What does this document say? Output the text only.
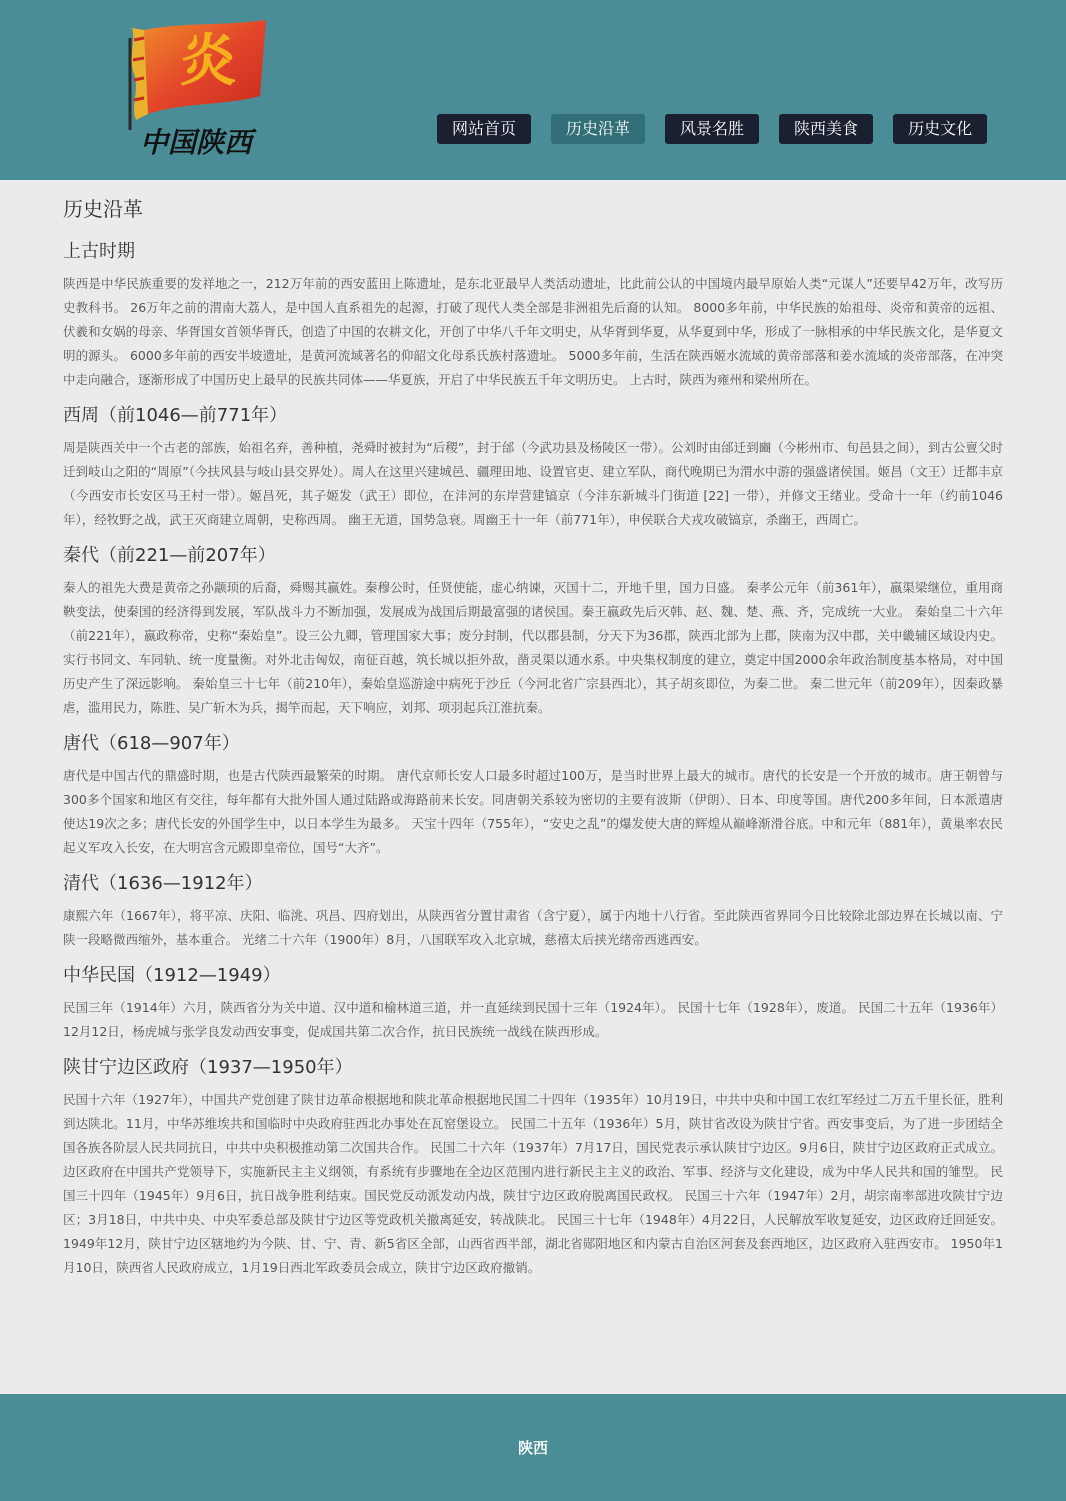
炎
中国陕西	网站首页	历史沿革	风景名胜	陕西美食	历史文化
历史沿革
上古时期

陕西是中华民族重要的发祥地之一，212万年前的西安蓝田上陈遗址，是东北亚最早人类活动遗址，比此前公认的中国境内最早原始人类“元谋人”还要早42万年，改写历史教科书。 26万年之前的渭南大荔人，是中国人直系祖先的起源，打破了现代人类全部是非洲祖先后裔的认知。 8000多年前，中华民族的始祖母、炎帝和黄帝的远祖、伏羲和女娲的母亲、华胥国女首领华胥氏，创造了中国的农耕文化，开创了中华八千年文明史，从华胥到华夏，从华夏到中华，形成了一脉相承的中华民族文化，是华夏文明的源头。 6000多年前的西安半坡遗址，是黄河流域著名的仰韶文化母系氏族村落遗址。 5000多年前，生活在陕西姬水流域的黄帝部落和姜水流域的炎帝部落，在冲突中走向融合，逐渐形成了中国历史上最早的民族共同体——华夏族，开启了中华民族五千年文明历史。 上古时，陕西为雍州和梁州所在。

西周（前1046—前771年）

周是陕西关中一个古老的部族，始祖名弃，善种植，尧舜时被封为“后稷”，封于邰（今武功县及杨陵区一带）。公刘时由邰迁到豳（今彬州市、旬邑县之间），到古公亶父时迁到岐山之阳的“周原”（今扶风县与岐山县交界处）。周人在这里兴建城邑、疆理田地、设置官吏、建立军队，商代晚期已为渭水中游的强盛诸侯国。姬昌（文王）迁都丰京（今西安市长安区马王村一带）。姬昌死，其子姬发（武王）即位，在沣河的东岸营建镐京（今沣东新城斗门街道 [22] 一带），并修文王绪业。受命十一年（约前1046年），经牧野之战，武王灭商建立周朝，史称西周。 幽王无道，国势急衰。周幽王十一年（前771年），申侯联合犬戎攻破镐京，杀幽王，西周亡。

秦代（前221—前207年）

秦人的祖先大费是黄帝之孙颛顼的后裔，舜赐其嬴姓。秦穆公时，任贤使能，虚心纳谏，灭国十二，开地千里，国力日盛。 秦孝公元年（前361年），嬴渠梁继位，重用商鞅变法，使秦国的经济得到发展，军队战斗力不断加强，发展成为战国后期最富强的诸侯国。秦王嬴政先后灭韩、赵、魏、楚、燕、齐，完成统一大业。 秦始皇二十六年（前221年），嬴政称帝，史称“秦始皇”。设三公九卿，管理国家大事；废分封制，代以郡县制，分天下为36郡，陕西北部为上郡，陕南为汉中郡，关中畿辅区域设内史。实行书同文、车同轨、统一度量衡。对外北击匈奴，南征百越，筑长城以拒外敌，凿灵渠以通水系。中央集权制度的建立，奠定中国2000余年政治制度基本格局，对中国历史产生了深远影响。 秦始皇三十七年（前210年），秦始皇巡游途中病死于沙丘（今河北省广宗县西北），其子胡亥即位，为秦二世。 秦二世元年（前209年），因秦政暴虐，滥用民力，陈胜、吴广斩木为兵，揭竿而起，天下响应，刘邦、项羽起兵江淮抗秦。

唐代（618—907年）

唐代是中国古代的鼎盛时期，也是古代陕西最繁荣的时期。 唐代京师长安人口最多时超过100万，是当时世界上最大的城市。唐代的长安是一个开放的城市。唐王朝曾与300多个国家和地区有交往，每年都有大批外国人通过陆路或海路前来长安。同唐朝关系较为密切的主要有波斯（伊朗）、日本、印度等国。唐代200多年间，日本派遣唐使达19次之多；唐代长安的外国学生中，以日本学生为最多。 天宝十四年（755年），“安史之乱”的爆发使大唐的辉煌从巅峰渐滑谷底。中和元年（881年），黄巢率农民起义军攻入长安，在大明宫含元殿即皇帝位，国号“大齐”。

清代（1636—1912年）

康熙六年（1667年），将平凉、庆阳、临洮、巩昌、四府划出，从陕西省分置甘肃省（含宁夏），属于内地十八行省。至此陕西省界同今日比较除北部边界在长城以南、宁陕一段略微西缩外，基本重合。 光绪二十六年（1900年）8月，八国联军攻入北京城，慈禧太后挟光绪帝西逃西安。

中华民国（1912—1949）

民国三年（1914年）六月，陕西省分为关中道、汉中道和榆林道三道，并一直延续到民国十三年（1924年）。 民国十七年（1928年），废道。 民国二十五年（1936年）12月12日，杨虎城与张学良发动西安事变，促成国共第二次合作，抗日民族统一战线在陕西形成。

陕甘宁边区政府（1937—1950年）

民国十六年（1927年），中国共产党创建了陕甘边革命根据地和陕北革命根据地民国二十四年（1935年）10月19日，中共中央和中国工农红军经过二万五千里长征，胜利到达陕北。11月，中华苏维埃共和国临时中央政府驻西北办事处在瓦窑堡设立。 民国二十五年（1936年）5月，陕甘省改设为陕甘宁省。西安事变后，为了进一步团结全国各族各阶层人民共同抗日，中共中央积极推动第二次国共合作。 民国二十六年（1937年）7月17日，国民党表示承认陕甘宁边区。9月6日，陕甘宁边区政府正式成立。边区政府在中国共产党领导下，实施新民主主义纲领，有系统有步骤地在全边区范围内进行新民主主义的政治、军事、经济与文化建设，成为中华人民共和国的雏型。 民国三十四年（1945年）9月6日，抗日战争胜利结束。国民党反动派发动内战，陕甘宁边区政府脱离国民政权。 民国三十六年（1947年）2月，胡宗南率部进攻陕甘宁边区；3月18日，中共中央、中央军委总部及陕甘宁边区等党政机关撤离延安，转战陕北。 民国三十七年（1948年）4月22日，人民解放军收复延安，边区政府迁回延安。 1949年12月，陕甘宁边区辖地约为今陕、甘、宁、青、新5省区全部，山西省西半部，湖北省郧阳地区和内蒙古自治区河套及套西地区，边区政府入驻西安市。 1950年1月10日，陕西省人民政府成立，1月19日西北军政委员会成立，陕甘宁边区政府撤销。

陕西
